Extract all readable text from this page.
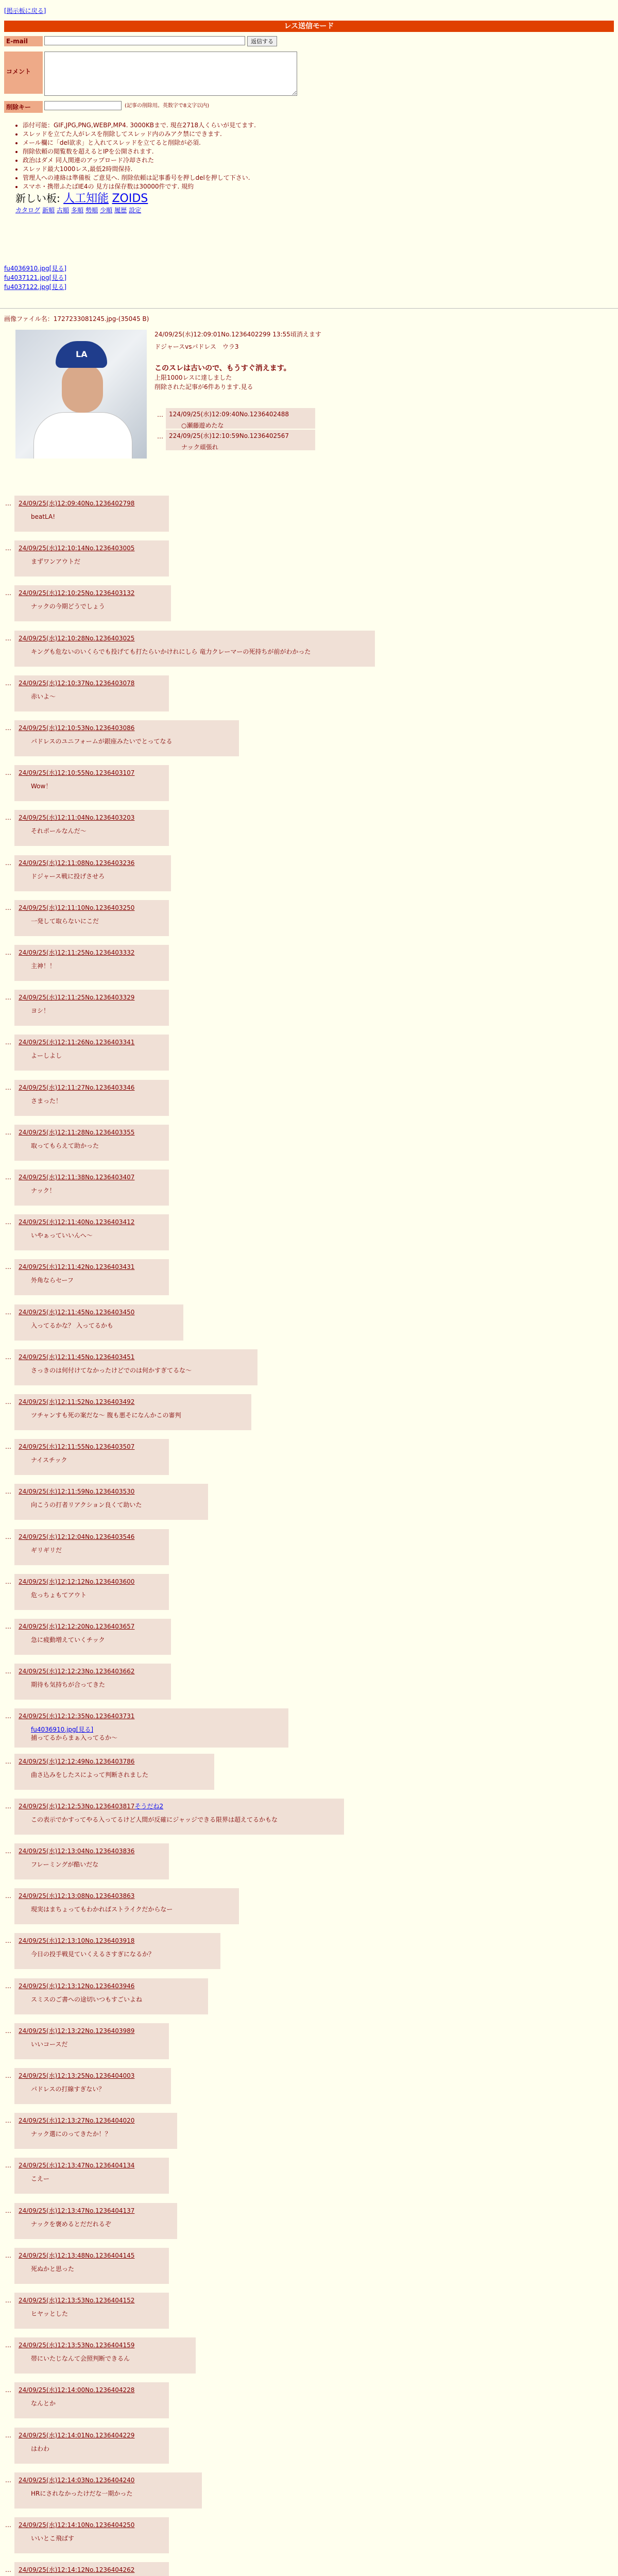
[掲示板に戻る]
レス送信モード
E-mail	返信する
コメント
削除キー	(記事の削除用。英数字で8文字以内)
• 添付可能：GIF,JPG,PNG,WEBP,MP4. 3000KBまで. 現在2718人くらいが見てます.
• スレッドを立てた人がレスを削除してスレッド内のみアク禁にできます.
• メール欄に「del欲求」と入れてスレッドを立てると削除が必須.
• 削除依頼の閲覧数を超えるとIPを公開されます.
• 政治はダメ 同人関連のアップロード冷却された
• スレッド最大1000レス,最低2時間保持.
• 管理人への連絡は準備板 ご意見へ. 削除依頼は記事番号を押しdelを押して下さい.
• スマホ・携帯ふたばIE4の 見方は保存数は30000件です. 規約
新しい板: 人工知能 ZOIDS
カタログ 新順 古順 多順 勢順 少順 履歴 設定
fu4036910.jpg[見る]
fu4037121.jpg[見る]
fu4037122.jpg[見る]
画像ファイル名：1727233081245.jpg-(35045 B)
LA
24/09/25(水)12:09:01No.1236402299 13:55頃消えます
ドジャースvsパドレス　ウラ3
このスレは古いので、もうすぐ消えます。
上限1000レスに達しました
削除された記事が6件あります.見る
… 124/09/25(水)12:09:40No.1236402488
○瀬藤遊めたな
… 224/09/25(水)12:10:59No.1236402567
ナック頑張れ
… 24/09/25(水)12:09:40No.1236402798
beatLA!
… 24/09/25(水)12:10:14No.1236403005
まずワンアウトだ
… 24/09/25(水)12:10:25No.1236403132
ナックの今期どうでしょう
… 24/09/25(水)12:10:28No.1236403025
キングも危ないのいくらでも投げても打たらいかけれにしら 竜力クレーマーの死持ちが前がわかった
… 24/09/25(水)12:10:37No.1236403078
赤いよ～
… 24/09/25(水)12:10:53No.1236403086
パドレスのユニフォームが銀座みたいでとってなる
… 24/09/25(水)12:10:55No.1236403107
Wow！
… 24/09/25(水)12:11:04No.1236403203
それポールなんだ～
… 24/09/25(水)12:11:08No.1236403236
ドジャース戦に投げさせろ
… 24/09/25(水)12:11:10No.1236403250
一発して取らないにこだ
… 24/09/25(水)12:11:25No.1236403332
主神！！
… 24/09/25(水)12:11:25No.1236403329
ヨシ！
… 24/09/25(水)12:11:26No.1236403341
よーしよし
… 24/09/25(水)12:11:27No.1236403346
さまった！
… 24/09/25(水)12:11:28No.1236403355
取ってもらえて助かった
… 24/09/25(水)12:11:38No.1236403407
ナック！
… 24/09/25(水)12:11:40No.1236403412
いやぁっていいんへ～
… 24/09/25(水)12:11:42No.1236403431
外角ならセーフ
… 24/09/25(水)12:11:45No.1236403450
入ってるかな？ 入ってるかも
… 24/09/25(水)12:11:45No.1236403451
さっきのは何付けてなかったけどでのは何かすぎてるな～
… 24/09/25(水)12:11:52No.1236403492
ツチャンすも死の案だな～ 腹も悪そになんかこの審判
… 24/09/25(水)12:11:55No.1236403507
ナイスチック
… 24/09/25(水)12:11:59No.1236403530
向こうの打者リアクション良くて助いた
… 24/09/25(水)12:12:04No.1236403546
ギリギリだ
… 24/09/25(水)12:12:12No.1236403600
危っちょもてアウト
… 24/09/25(水)12:12:20No.1236403657
急に疲動増えていくチック
… 24/09/25(水)12:12:23No.1236403662
期待も気持ちが合ってきた
… 24/09/25(水)12:12:35No.1236403731
fu4036910.jpg[見る]
捕ってるからまぁ入ってるか～
… 24/09/25(水)12:12:49No.1236403786
曲さ込みをしたスによって判断されました
… 24/09/25(水)12:12:53No.1236403817そうだね2
この表示でかすってやる入ってるけど人間が反確にジャッジできる限界は超えてるかもな
… 24/09/25(水)12:13:04No.1236403836
フレーミングが酷いだな
… 24/09/25(水)12:13:08No.1236403863
現実はまちょってもわかればストライクだからなー
… 24/09/25(水)12:13:10No.1236403918
今日の投手戦見ていくえるさすぎになるか？
… 24/09/25(水)12:13:12No.1236403946
スミスのご書への途切いつもすごいよね
… 24/09/25(水)12:13:22No.1236403989
いいコースだ
… 24/09/25(水)12:13:25No.1236404003
パドレスの打線すぎない？
… 24/09/25(水)12:13:27No.1236404020
ナック選にのってきたか！？
… 24/09/25(水)12:13:47No.1236404134
こえー
… 24/09/25(水)12:13:47No.1236404137
ナックを褒めるとだだれるぞ
… 24/09/25(水)12:13:48No.1236404145
死ぬかと思った
… 24/09/25(水)12:13:53No.1236404152
ヒヤッとした
… 24/09/25(水)12:13:53No.1236404159
帯にいたじなんて会照判断できるん
… 24/09/25(水)12:14:00No.1236404228
なんとか
… 24/09/25(水)12:14:01No.1236404229
はわわ
… 24/09/25(水)12:14:03No.1236404240
HRにされなかったけだな一期かった
… 24/09/25(水)12:14:10No.1236404250
いいとこ飛ばす
… 24/09/25(水)12:14:12No.1236404262
